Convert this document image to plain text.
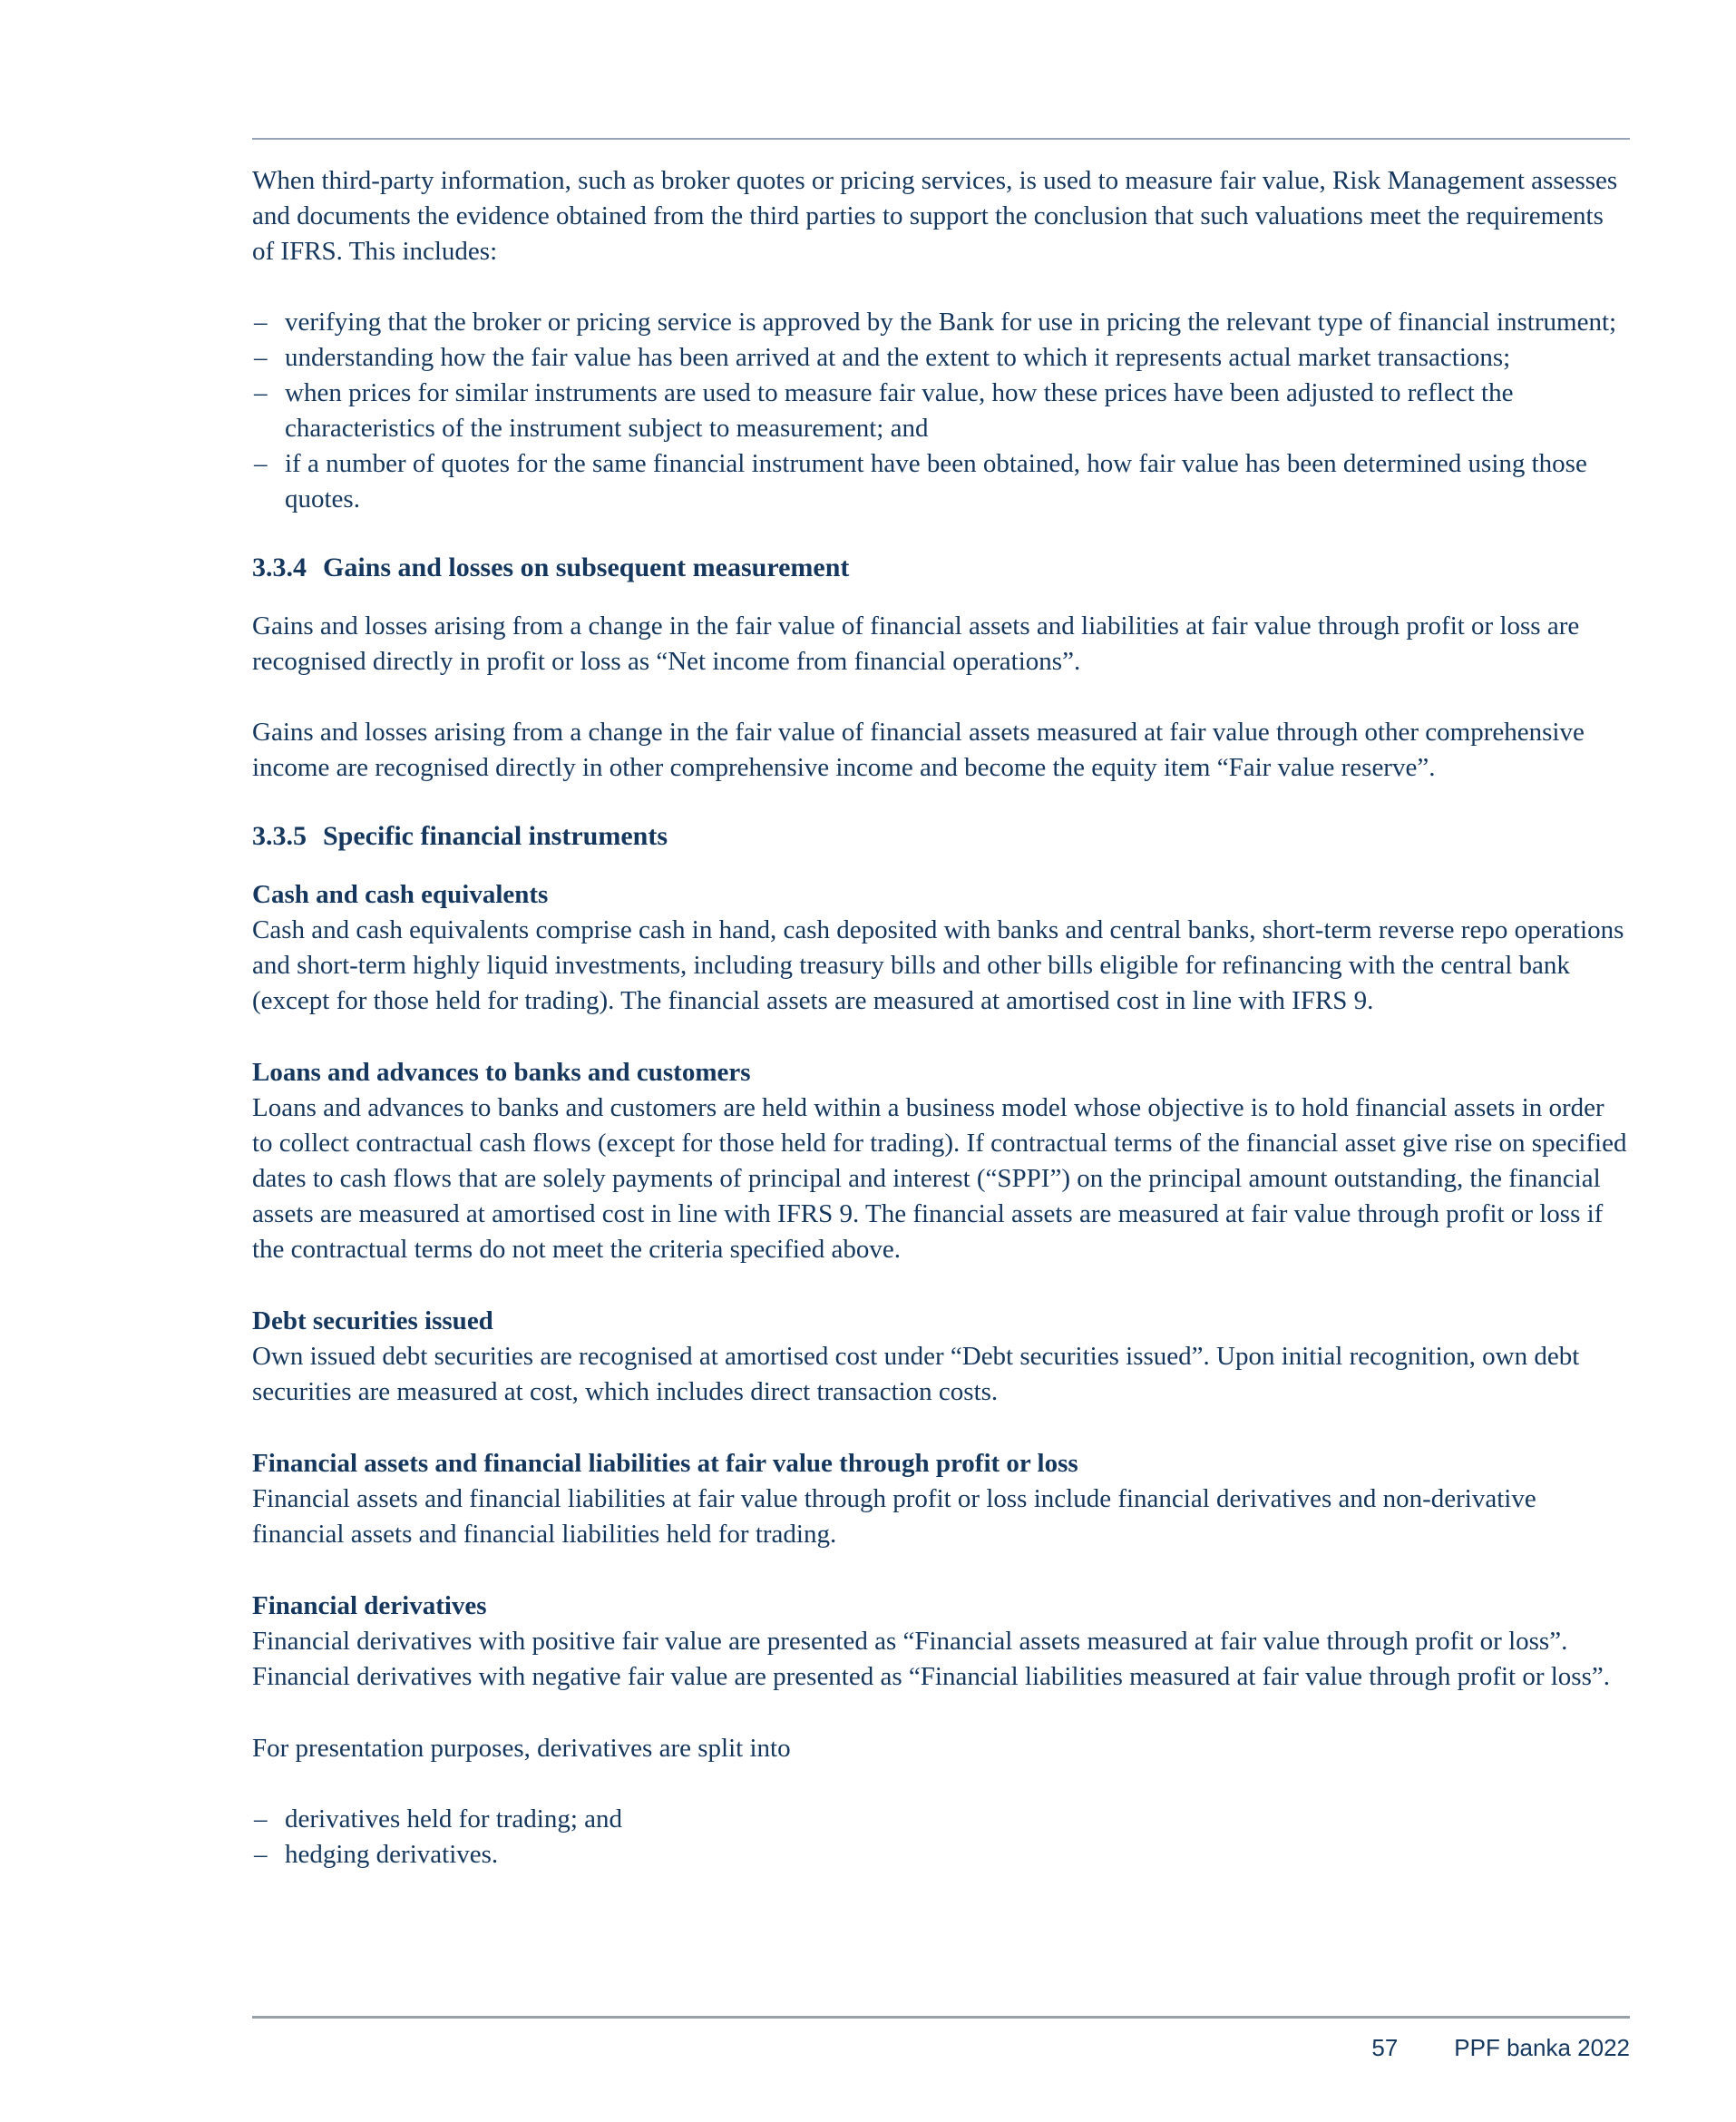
When third-party information, such as broker quotes or pricing services, is used to measure fair value, Risk Management assesses and documents the evidence obtained from the third parties to support the conclusion that such valuations meet the requirements of IFRS. This includes:

– verifying that the broker or pricing service is approved by the Bank for use in pricing the relevant type of financial instrument;
– understanding how the fair value has been arrived at and the extent to which it represents actual market transactions;
– when prices for similar instruments are used to measure fair value, how these prices have been adjusted to reflect the characteristics of the instrument subject to measurement; and
– if a number of quotes for the same financial instrument have been obtained, how fair value has been determined using those quotes.
3.3.4 Gains and losses on subsequent measurement

Gains and losses arising from a change in the fair value of financial assets and liabilities at fair value through profit or loss are recognised directly in profit or loss as “Net income from financial operations”.

Gains and losses arising from a change in the fair value of financial assets measured at fair value through other comprehensive income are recognised directly in other comprehensive income and become the equity item “Fair value reserve”.

3.3.5 Specific financial instruments
Cash and cash equivalents

Cash and cash equivalents comprise cash in hand, cash deposited with banks and central banks, short-term reverse repo operations and short-term highly liquid investments, including treasury bills and other bills eligible for refinancing with the central bank (except for those held for trading). The financial assets are measured at amortised cost in line with IFRS 9.

Loans and advances to banks and customers

Loans and advances to banks and customers are held within a business model whose objective is to hold financial assets in order to collect contractual cash flows (except for those held for trading). If contractual terms of the financial asset give rise on specified dates to cash flows that are solely payments of principal and interest (“SPPI”) on the principal amount outstanding, the financial assets are measured at amortised cost in line with IFRS 9. The financial assets are measured at fair value through profit or loss if the contractual terms do not meet the criteria specified above.

Debt securities issued

Own issued debt securities are recognised at amortised cost under “Debt securities issued”. Upon initial recognition, own debt securities are measured at cost, which includes direct transaction costs.

Financial assets and financial liabilities at fair value through profit or loss

Financial assets and financial liabilities at fair value through profit or loss include financial derivatives and non-derivative financial assets and financial liabilities held for trading.

Financial derivatives

Financial derivatives with positive fair value are presented as “Financial assets measured at fair value through profit or loss”. Financial derivatives with negative fair value are presented as “Financial liabilities measured at fair value through profit or loss”.

For presentation purposes, derivatives are split into

– derivatives held for trading; and
– hedging derivatives.
57 PPF banka 2022
